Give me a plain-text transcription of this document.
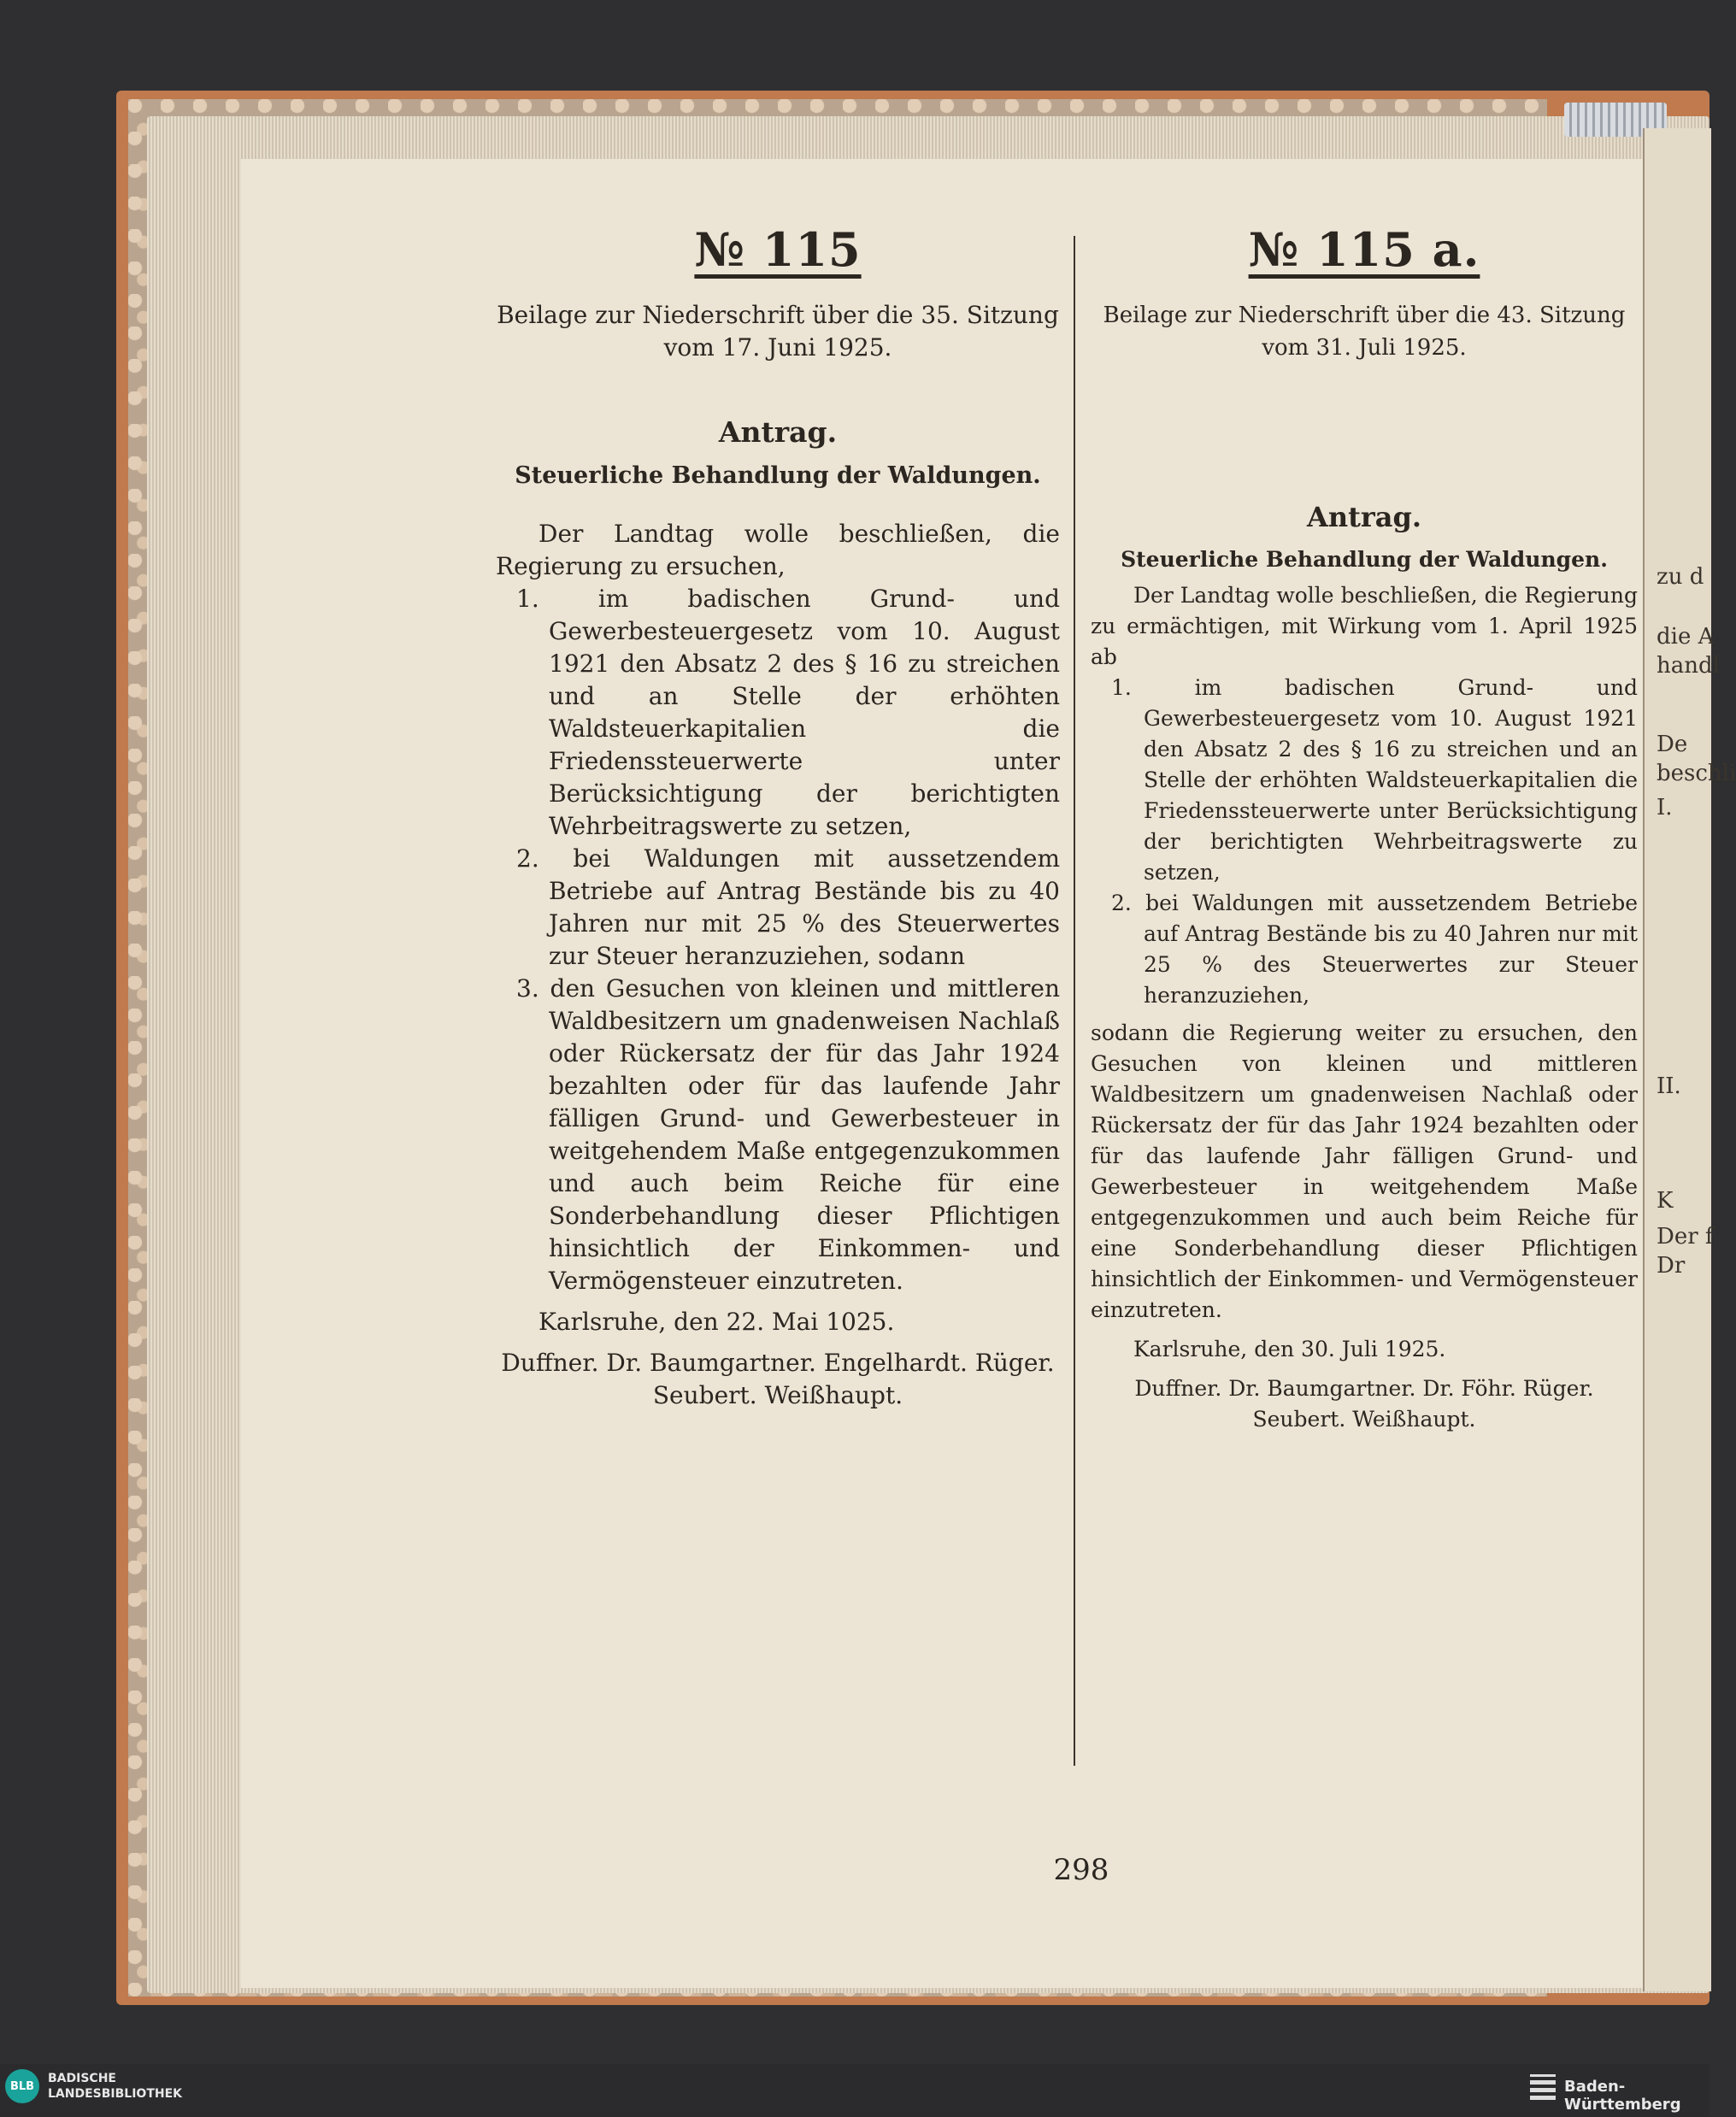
zu d
die A
handl
De
beschli
I.
II.
K
Der f
Dr
№ 115
Beilage zur Niederschrift über die 35. Sitzung
vom 17. Juni 1925.
Antrag.
Steuerliche Behandlung der Waldungen.
Der Landtag wolle beschließen, die Regierung zu ersuchen,
1. im badischen Grund- und Gewerbesteuergesetz vom 10. August 1921 den Absatz 2 des § 16 zu streichen und an Stelle der erhöhten Waldsteuerkapitalien die Friedenssteuerwerte unter Berücksichtigung der berichtigten Wehrbeitragswerte zu setzen,
2. bei Waldungen mit aussetzendem Betriebe auf Antrag Bestände bis zu 40 Jahren nur mit 25 % des Steuerwertes zur Steuer heranzuziehen, sodann
3. den Gesuchen von kleinen und mittleren Waldbesitzern um gnadenweisen Nachlaß oder Rückersatz der für das Jahr 1924 bezahlten oder für das laufende Jahr fälligen Grund- und Gewerbesteuer in weitgehendem Maße entgegenzukommen und auch beim Reiche für eine Sonderbehandlung dieser Pflichtigen hinsichtlich der Einkommen- und Vermögensteuer einzutreten.
Karlsruhe, den 22. Mai 1025.
Duffner. Dr. Baumgartner. Engelhardt. Rüger. Seubert. Weißhaupt.
№ 115 a.
Beilage zur Niederschrift über die 43. Sitzung
vom 31. Juli 1925.
Antrag.
Steuerliche Behandlung der Waldungen.
Der Landtag wolle beschließen, die Regierung zu ermächtigen, mit Wirkung vom 1. April 1925 ab
1. im badischen Grund- und Gewerbesteuergesetz vom 10. August 1921 den Absatz 2 des § 16 zu streichen und an Stelle der erhöhten Waldsteuerkapitalien die Friedenssteuerwerte unter Berücksichtigung der berichtigten Wehrbeitragswerte zu setzen,
2. bei Waldungen mit aussetzendem Betriebe auf Antrag Bestände bis zu 40 Jahren nur mit 25 % des Steuerwertes zur Steuer heranzuziehen,
sodann die Regierung weiter zu ersuchen, den Gesuchen von kleinen und mittleren Waldbesitzern um gnadenweisen Nachlaß oder Rückersatz der für das Jahr 1924 bezahlten oder für das laufende Jahr fälligen Grund- und Gewerbesteuer in weitgehendem Maße entgegenzukommen und auch beim Reiche für eine Sonderbehandlung dieser Pflichtigen hinsichtlich der Einkommen- und Vermögensteuer einzutreten.
Karlsruhe, den 30. Juli 1925.
Duffner. Dr. Baumgartner. Dr. Föhr. Rüger. Seubert. Weißhaupt.
298
BLB
BADISCHE
LANDESBIBLIOTHEK	Baden-Württemberg
